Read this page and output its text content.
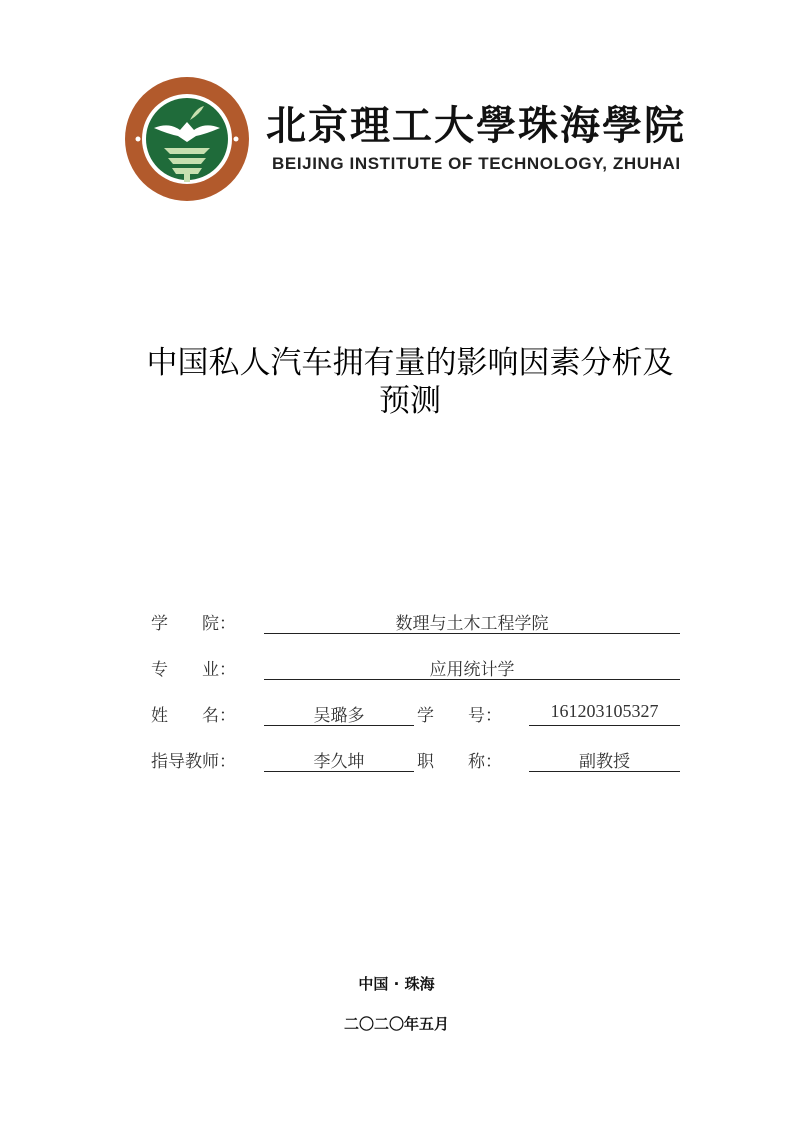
北京理工大學珠海學院
BEIJING INSTITUTE OF TECHNOLOGY, ZHUHAI
中国私人汽车拥有量的影响因素分析及
预测
学　　院：	数理与土木工程学院
专　　业：	应用统计学
姓　　名：	吴璐多	学　　号：	161203105327
指导教师：	李久坤	职　　称：	副教授
中国 · 珠海
二〇二〇年五月
